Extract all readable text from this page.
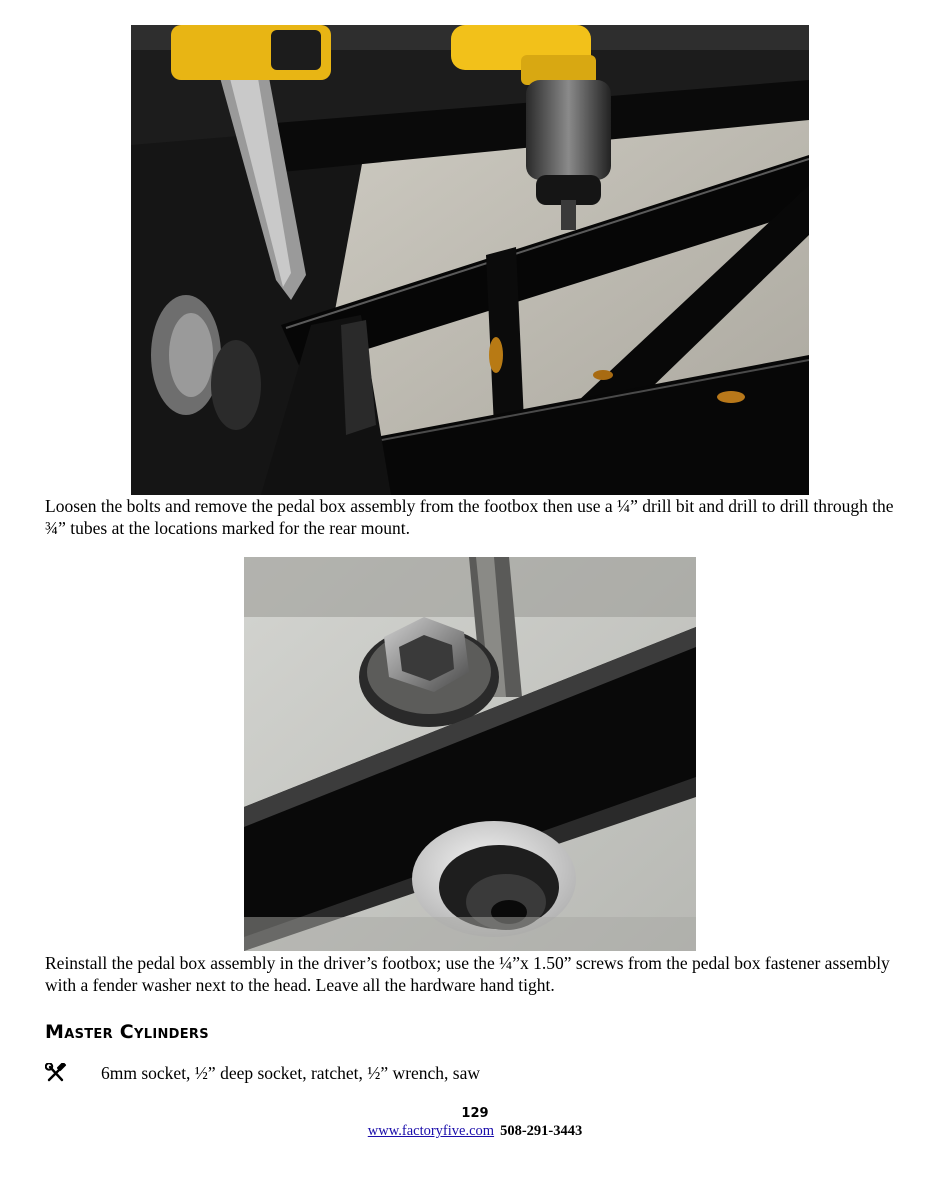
Loosen the bolts and remove the pedal box assembly from the footbox then use a ¼” drill bit and drill to drill through the ¾” tubes at the locations marked for the rear mount.
Reinstall the pedal box assembly in the driver’s footbox; use the ¼”x 1.50” screws from the pedal box fastener assembly with a fender washer next to the head. Leave all the hardware hand tight.
Master Cylinders
6mm socket, ½” deep socket, ratchet, ½” wrench, saw
129
www.factoryfive.com 508-291-3443
